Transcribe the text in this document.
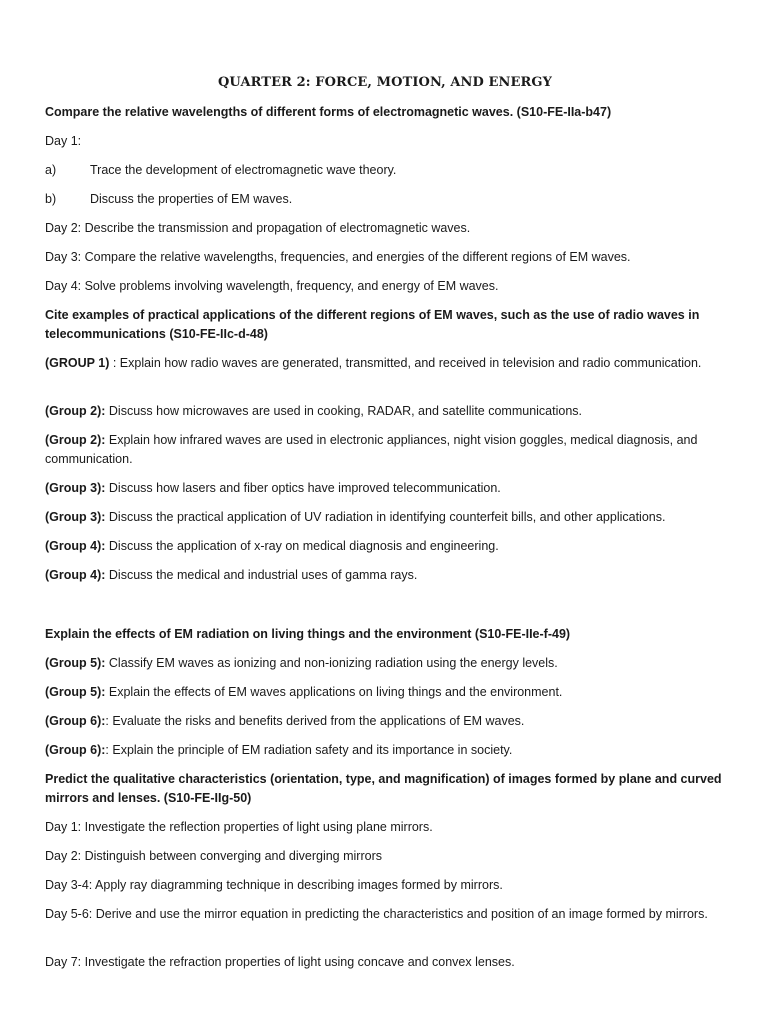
QUARTER 2: FORCE, MOTION, AND ENERGY
Compare the relative wavelengths of different forms of electromagnetic waves. (S10-FE-IIa-b47)
Day 1:
a)	Trace the development of electromagnetic wave theory.
b)	Discuss the properties of EM waves.
Day 2: Describe the transmission and propagation of electromagnetic waves.
Day 3: Compare the relative wavelengths, frequencies, and energies of the different regions of EM waves.
Day 4: Solve problems involving wavelength, frequency, and energy of EM waves.
Cite examples of practical applications of the different regions of EM waves, such as the use of radio waves in telecommunications (S10-FE-IIc-d-48)
(GROUP 1) : Explain how radio waves are generated, transmitted, and received in television and radio communication.
(Group 2): Discuss how microwaves are used in cooking, RADAR, and satellite communications.
(Group 2): Explain how infrared waves are used in electronic appliances, night vision goggles, medical diagnosis, and communication.
(Group 3): Discuss how lasers and fiber optics have improved telecommunication.
(Group 3): Discuss the practical application of UV radiation in identifying counterfeit bills, and other applications.
(Group 4): Discuss the application of x-ray on medical diagnosis and engineering.
(Group 4): Discuss the medical and industrial uses of gamma rays.
Explain the effects of EM radiation on living things and the environment (S10-FE-IIe-f-49)
(Group 5): Classify EM waves as ionizing and non-ionizing radiation using the energy levels.
(Group 5): Explain the effects of EM waves applications on living things and the environment.
(Group 6):: Evaluate the risks and benefits derived from the applications of EM waves.
(Group 6):: Explain the principle of EM radiation safety and its importance in society.
Predict the qualitative characteristics (orientation, type, and magnification) of images formed by plane and curved mirrors and lenses. (S10-FE-IIg-50)
Day 1: Investigate the reflection properties of light using plane mirrors.
Day 2: Distinguish between converging and diverging mirrors
Day 3-4: Apply ray diagramming technique in describing images formed by mirrors.
Day 5-6: Derive and use the mirror equation in predicting the characteristics and position of an image formed by mirrors.
Day 7: Investigate the refraction properties of light using concave and convex lenses.
